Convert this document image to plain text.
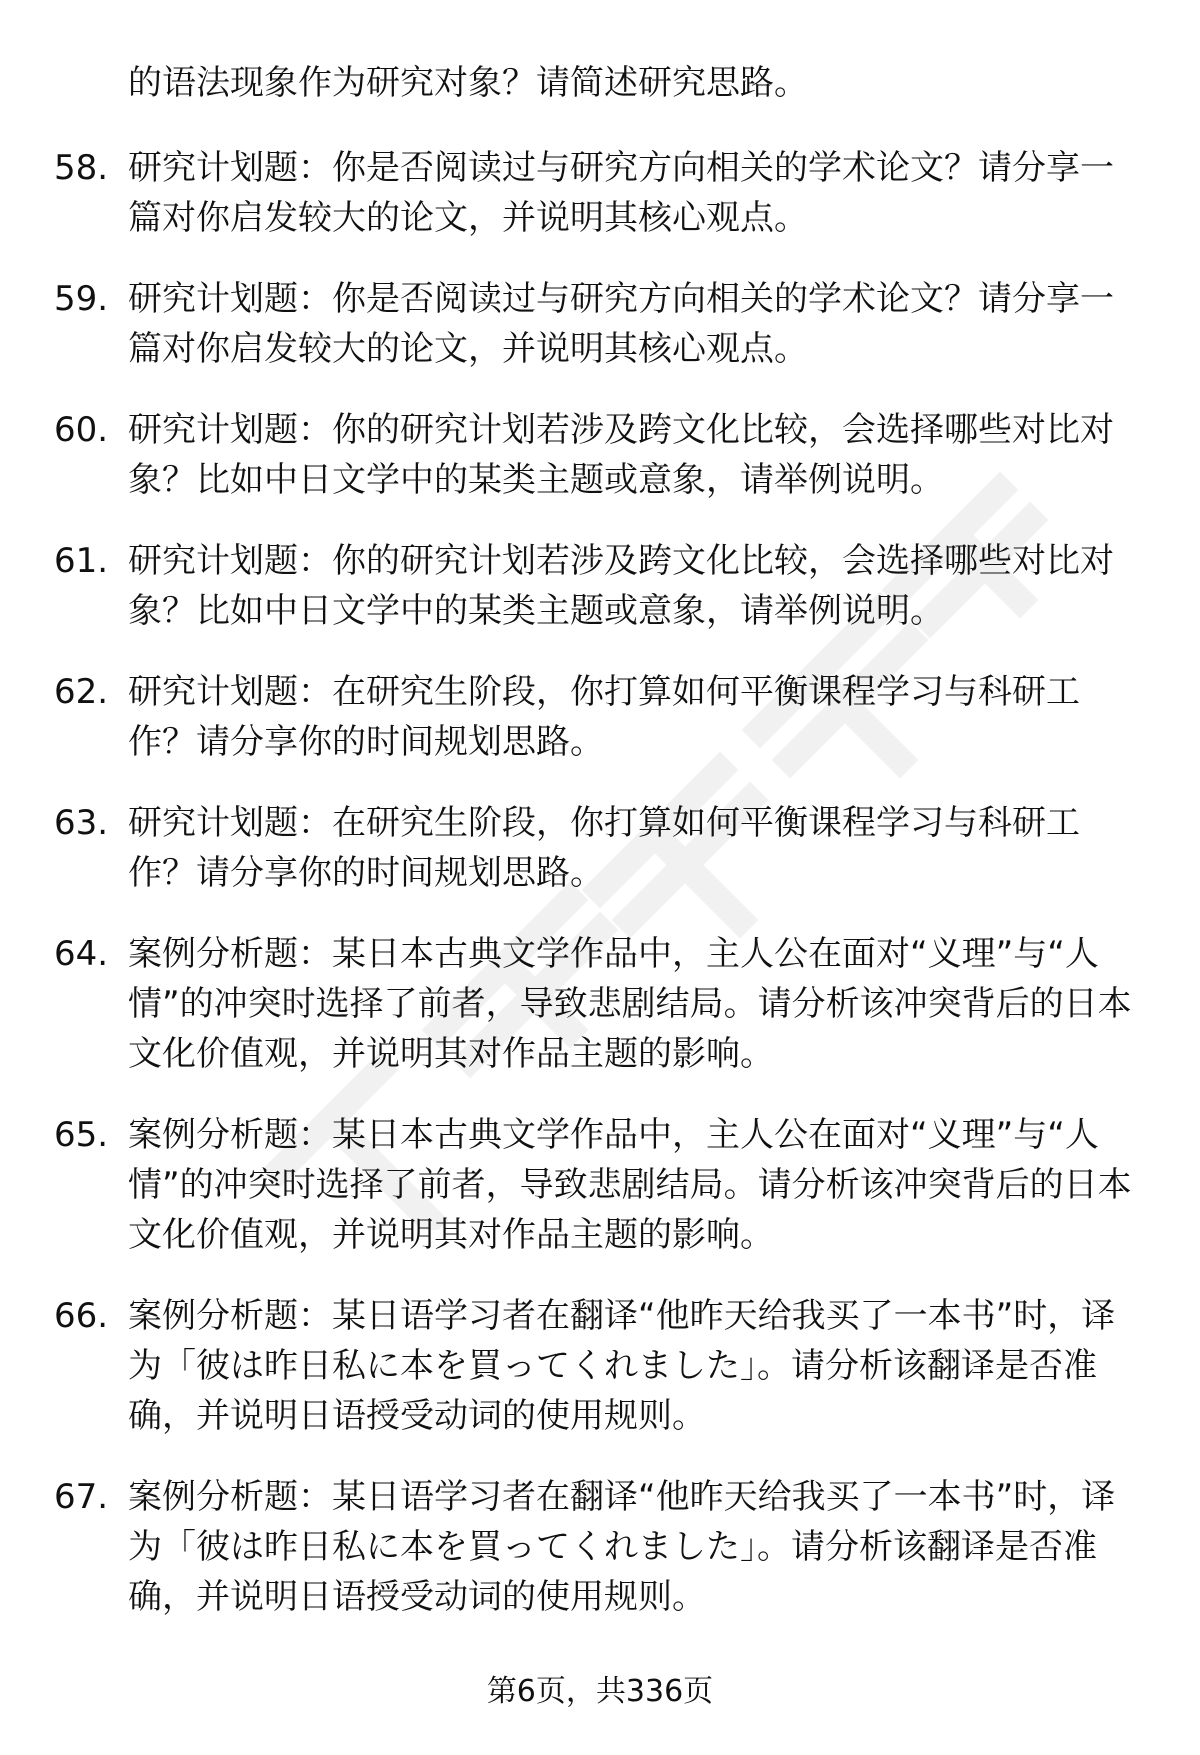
的语法现象作为研究对象？请简述研究思路。
58. 研究计划题：你是否阅读过与研究方向相关的学术论文？请分享一篇对你启发较大的论文，并说明其核心观点。
59. 研究计划题：你是否阅读过与研究方向相关的学术论文？请分享一篇对你启发较大的论文，并说明其核心观点。
60. 研究计划题：你的研究计划若涉及跨文化比较，会选择哪些对比对象？比如中日文学中的某类主题或意象，请举例说明。
61. 研究计划题：你的研究计划若涉及跨文化比较，会选择哪些对比对象？比如中日文学中的某类主题或意象，请举例说明。
62. 研究计划题：在研究生阶段，你打算如何平衡课程学习与科研工作？请分享你的时间规划思路。
63. 研究计划题：在研究生阶段，你打算如何平衡课程学习与科研工作？请分享你的时间规划思路。
64. 案例分析题：某日本古典文学作品中，主人公在面对“义理”与“人情”的冲突时选择了前者，导致悲剧结局。请分析该冲突背后的日本文化价值观，并说明其对作品主题的影响。
65. 案例分析题：某日本古典文学作品中，主人公在面对“义理”与“人情”的冲突时选择了前者，导致悲剧结局。请分析该冲突背后的日本文化价值观，并说明其对作品主题的影响。
66. 案例分析题：某日语学习者在翻译“他昨天给我买了一本书”时，译为「彼は昨日私に本を買ってくれました」。请分析该翻译是否准确，并说明日语授受动词的使用规则。
67. 案例分析题：某日语学习者在翻译“他昨天给我买了一本书”时，译为「彼は昨日私に本を買ってくれました」。请分析该翻译是否准确，并说明日语授受动词的使用规则。
第6页，共336页
